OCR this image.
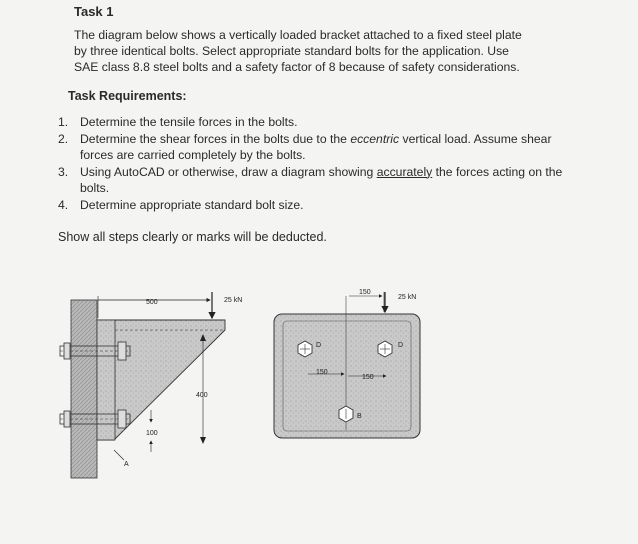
Task 1

The diagram below shows a vertically loaded bracket attached to a fixed steel plate

by three identical bolts. Select appropriate standard bolts for the application. Use

SAE class 8.8 steel bolts and a safety factor of 8 because of safety considerations.

Task Requirements:
1. Determine the tensile forces in the bolts.
2. Determine the shear forces in the bolts due to the eccentric vertical load. Assume shear forces are carried completely by the bolts.
3. Using AutoCAD or otherwise, draw a diagram showing accurately the forces acting on the bolts.
4. Determine appropriate standard bolt size.
Show all steps clearly or marks will be deducted.
500	25 kN
400
100
A
150
25 kN
150
150
D	D
B
